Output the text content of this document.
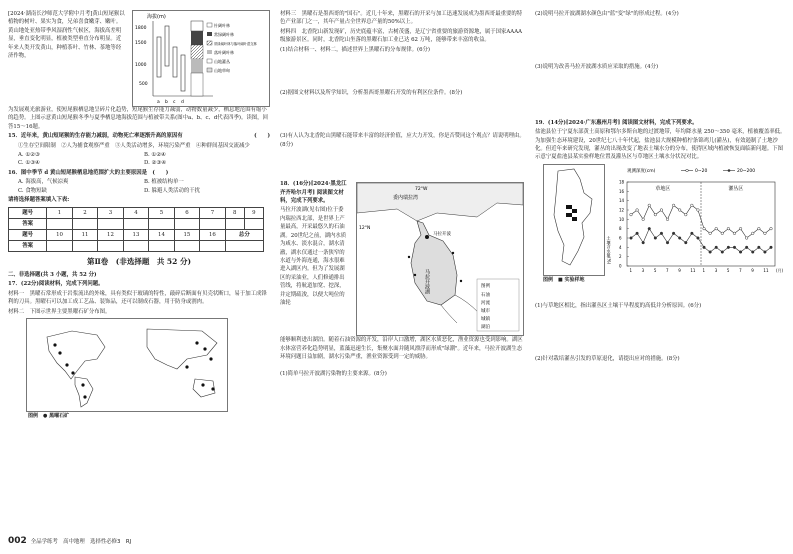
[2024·湖南长沙师范大学附中月考]黄山短尾猴以植物的树叶、果实为食，兄弟喜食嫩芽、嫩叶。黄山地处亚热带季风湿润性气候区，海拔高差明显，垂直变化明显，植被类型垂直分布明显。近年来人类开发黄山，种植茶叶、竹林、茶地等经济作物，

海拔(m)
1800
1500
1000
500
a b c d
针阔叶林
常绿阔叶林
常绿阔叶林与落叶阔叶混交林
落叶阔叶林
山地灌丛
山地草甸

为发展观光旅游业，使短尾猴栖息地呈碎片化趋势，短尾猴生存能力减弱，动物数量减少，栖息地范围有缩小的趋势。上图示意黄山短尾猴冬季与夏季栖息地海拔范围与植被带关系(图中a、b、c、d代表四季)。读图，回答15～16题。

15．近年来，黄山短尾猴的生存能力减弱，动物死亡率逐渐升高的原因有	(　　)

①生存空间限制　②人为捕食观察严重　③人类活动增多，环境污染严重　④种群间基因交流减少

A. ①②③	B. ①②④
C. ①③④	D. ②③④

16．图中季节 d 黄山短尾猴栖息地范围扩大的主要原因是　(　　)

A. 海拔高，气候凉爽	B. 植被结构单一
C. 食物短缺	D. 躲避人类活动的干扰

请将选择题答案填入下表:

题号	1	2	3	4	5	6	7	8	9
答案									
题号	10	11	12	13	14	15	16	总分	
答案									
第Ⅱ卷　(非选择题　共 52 分)

二、非选择题(共 3 小题，共 52 分)

17．(22分)阅读材料，完成下列问题。

材料一　黑曜石常形成于岩浆流出的外缘，具有类似于玻璃的特性，敲碎后断面有贝壳状断口，易于加工成锋利的刀具。黑曜石可以加工成工艺品、装饰品，还可以制成石器，用于防身或割肉。

材料二　下图示世界主要黑曜石矿分布图。

图例　 ● 黑曜石矿

材料三　黑曜石是墨西哥的"国石"。近几十年来，黑曜石的开采与加工迅速发展成为墨西哥最重要的特色产业部门之一，其年产量占全世界总产量的50%以上。

材料四　北香陀山新发现矿，历史底蕴丰富，古树茂盛，是辽宁省重要的旅游资源地，属于国家AAAA级旅游景区。同时，北香陀山坐落的黑曜石加工业已达 62 万吨，能够带来丰富的收益。

(1)结合材料一、材料二，描述世界上黑曜石的分布规律。(6分)

(2)据图文材料以及所学知识，分析墨西哥黑曜石开发的有利区位条件。(8分)

(3)有人认为北香陀山黑曜石能带来丰富的经济价值，应大力开发，你是否赞同这个观点？请说明理由。(8分)

18．(16分)[2024·黑龙江齐齐哈尔月考] 阅读图文材料，完成下列要求。

马拉开波湖(见右图)位于委内瑞拉西北部，是世界上产量最高，开采最悠久的石油湖。20世纪之前，湖内水质为咸水、淡水混合，湖水清澈，湖水仅通过一条狭窄的水道与外海连通，海水很难进入湖区内。但为了发展湖区的采油业，人们修通排出管线，将航道加宽、挖深，并定期疏浚，以便大吨位的油轮

委内瑞拉湾
72°W
12°N
马拉开波湖
马拉开波
图例
石油
河流
城市
城镇
湖泊

能够顺利进出湖泊。随着石油资源的开发，沿岸人口激增，湖区水质恶化，渔业资源也受到影响。湖区水体富营养化趋势明显，蓝藻迅速生长，集聚水面并随风漂浮而形成"绿潮"。近年来，马拉开波湖生态环境问题日益加剧，湖水污染严重，渔业资源受到一定的威胁。

(1)简单马拉开波湖污染物的主要来源。(8分)

(2)说明马拉开波湖湖水颜色由"蓝"变"绿"的形成过程。(4分)

(3)说明为改善马拉开波湖水质应采取的措施。(4分)

19．(14分)[2024·广东惠州月考] 阅读图文材料，完成下列要求。

盐池县位于宁夏东部黄土高原和鄂尔多斯台地的过渡地带，年均降水量 250～350 毫米，植被覆盖率低。为加强生态环境建设，20世纪七八十年代起，盐池县大规模种植柠条锦鸡儿(灌丛)，有效遏制了土地沙化。但近年来研究发现，灌丛的出现改变了地表土壤水分的分布，使得区域内植被恢复面临新问题。下图示意宁夏盐池县某实验样地位置及灌丛区与草地区土壤水分状况对比。

观测深度(cm)	0~20	20~200
草地区	灌丛区
18
16
14
12
10
8
6
4
2
0
土壤含水量(%)
1 3 5 7 9 11 1 3 5 7 9 11 (月)

图例　■ 实验样地

(1)与草地区相比，指出灌丛区土壤干旱程度的高低并分析原因。(6分)

(2)针对栽培灌丛引发的草原退化，请提出应对的措施。(8分)

002 全品学练考　高中地理　选择性必修3　RJ
